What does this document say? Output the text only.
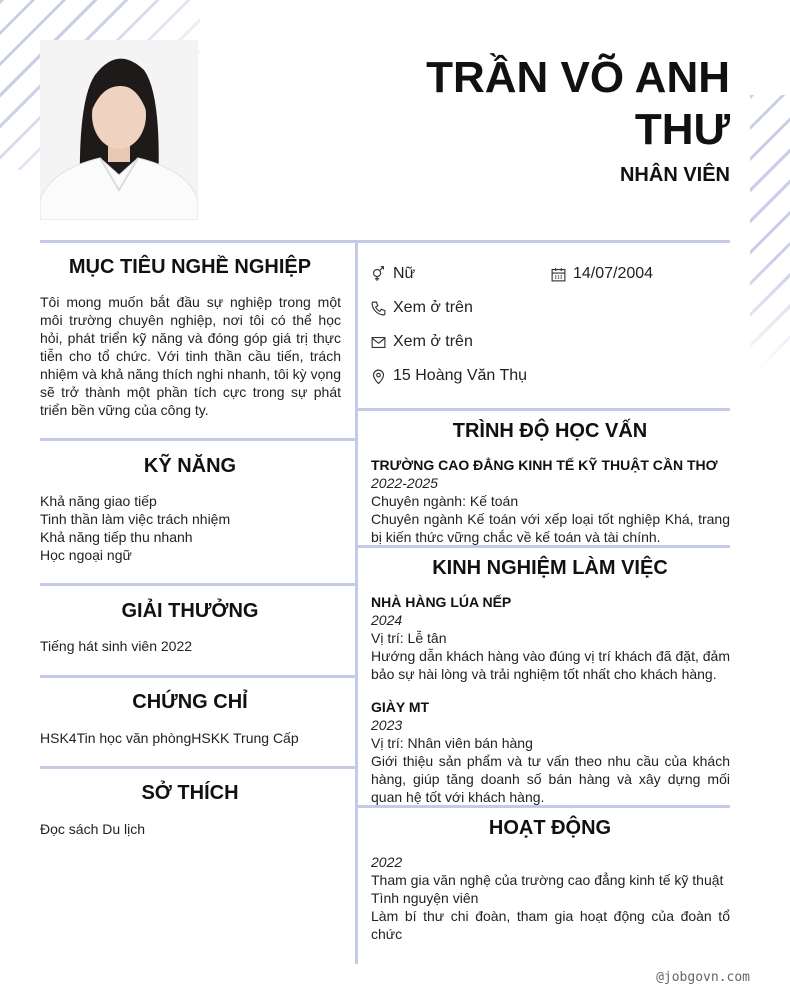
TRẦN VÕ ANH
THƯ
NHÂN VIÊN
MỤC TIÊU NGHỀ NGHIỆP
Tôi mong muốn bắt đầu sự nghiệp trong một môi trường chuyên nghiệp, nơi tôi có thể học hỏi, phát triển kỹ năng và đóng góp giá trị thực tiễn cho tổ chức. Với tinh thần cầu tiến, trách nhiệm và khả năng thích nghi nhanh, tôi kỳ vọng sẽ trở thành một phần tích cực trong sự phát triển bền vững của công ty.
KỸ NĂNG
Khả năng giao tiếp
Tinh thần làm việc trách nhiệm
Khả năng tiếp thu nhanh
Học ngoại ngữ
GIẢI THƯỞNG
Tiếng hát sinh viên 2022
CHỨNG CHỈ
HSK4Tin học văn phòngHSKK Trung Cấp
SỞ THÍCH
Đọc sách Du lịch
Nữ	14/07/2004
Xem ở trên
Xem ở trên
15 Hoàng Văn Thụ
TRÌNH ĐỘ HỌC VẤN
TRƯỜNG CAO ĐẲNG KINH TẾ KỸ THUẬT CẦN THƠ
2022-2025
Chuyên ngành: Kế toán
Chuyên ngành Kế toán với xếp loại tốt nghiệp Khá, trang bị kiến thức vững chắc về kế toán và tài chính.
KINH NGHIỆM LÀM VIỆC
NHÀ HÀNG LÚA NẾP
2024
Vị trí: Lễ tân
Hướng dẫn khách hàng vào đúng vị trí khách đã đặt, đảm bảo sự hài lòng và trải nghiệm tốt nhất cho khách hàng.
GIÀY MT
2023
Vị trí: Nhân viên bán hàng
Giới thiệu sản phẩm và tư vấn theo nhu cầu của khách hàng, giúp tăng doanh số bán hàng và xây dựng mối quan hệ tốt với khách hàng.
HOẠT ĐỘNG
2022
Tham gia văn nghệ của trường cao đẳng kinh tế kỹ thuật
Tình nguyện viên
Làm bí thư chi đoàn, tham gia hoạt động của đoàn tổ chức
@jobgovn.com
